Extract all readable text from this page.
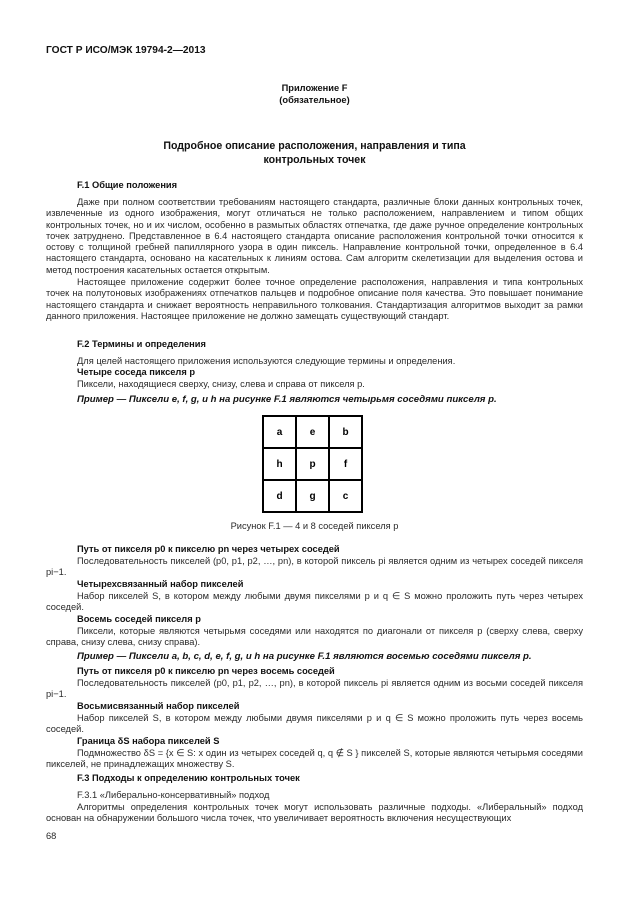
ГОСТ Р ИСО/МЭК 19794-2—2013
Приложение F
(обязательное)
Подробное описание расположения, направления и типа
контрольных точек
F.1 Общие положения
Даже при полном соответствии требованиям настоящего стандарта, различные блоки данных контрольных точек, извлеченные из одного изображения, могут отличаться не только расположением, направлением и типом общих контрольных точек, но и их числом, особенно в размытых областях отпечатка, где даже ручное определение контрольных точек затруднено. Представленное в 6.4 настоящего стандарта описание расположения контрольной точки относится к остову с толщиной гребней папиллярного узора в один пиксель. Направление контрольной точки, определенное в 6.4 настоящего стандарта, основано на касательных к линиям остова. Сам алгоритм скелетизации для выделения остова и метод построения касательных остается открытым.
Настоящее приложение содержит более точное определение расположения, направления и типа контрольных точек на полутоновых изображениях отпечатков пальцев и подробное описание поля качества. Это повышает понимание настоящего стандарта и снижает вероятность неправильного толкования. Стандартизация алгоритмов выходит за рамки данного приложения. Настоящее приложение не должно замещать существующий стандарт.
F.2 Термины и определения
Для целей настоящего приложения используются следующие термины и определения.
Четыре соседа пикселя p
Пиксели, находящиеся сверху, снизу, слева и справа от пикселя p.
Пример — Пиксели e, f, g, и h на рисунке F.1 являются четырьмя соседями пикселя p.
a	e	b
h	p	f
d	g	c
Рисунок F.1 — 4 и 8 соседей пикселя p
Путь от пикселя p0 к пикселю pn через четырех соседей
Последовательность пикселей (p0, p1, p2, …, pn), в которой пиксель pi является одним из четырех соседей пикселя pi−1.
Четырехсвязанный набор пикселей
Набор пикселей S, в котором между любыми двумя пикселями p и q ∈ S можно проложить путь через четырех соседей.
Восемь соседей пикселя p
Пиксели, которые являются четырьмя соседями или находятся по диагонали от пикселя p (сверху слева, сверху справа, снизу слева, снизу справа).
Пример — Пиксели a, b, c, d, e, f, g, и h на рисунке F.1 являются восемью соседями пикселя p.
Путь от пикселя p0 к пикселю pn через восемь соседей
Последовательность пикселей (p0, p1, p2, …, pn), в которой пиксель pi является одним из восьми соседей пикселя pi−1.
Восьмисвязанный набор пикселей
Набор пикселей S, в котором между любыми двумя пикселями p и q ∈ S можно проложить путь через восемь соседей.
Граница δS набора пикселей S
Подмножество δS = {x ∈ S: x один из четырех соседей q, q ∉ S } пикселей S, которые являются четырьмя соседями пикселей, не принадлежащих множеству S.
F.3 Подходы к определению контрольных точек
F.3.1 «Либерально-консервативный» подход
Алгоритмы определения контрольных точек могут использовать различные подходы. «Либеральный» подход основан на обнаружении большого числа точек, что увеличивает вероятность включения несуществующих
68
